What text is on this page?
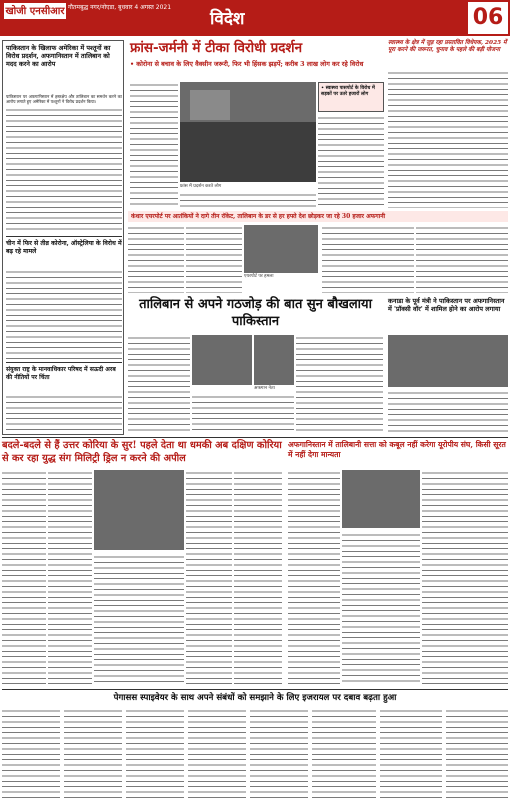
खोजी एनसीआर गौतमबुद्ध नगर/नोएडा, बुधवार 4 अगस्त 2021
विदेश	06
पाकिस्तान के खिलाफ अमेरिका में पश्तूनों का विरोध प्रदर्शन, अफगानिस्तान में तालिबान को मदद करने का आरोप
पाकिस्तान पर अफगानिस्तान में हस्तक्षेप और तालिबान का समर्थन करने का आरोप लगाते हुए अमेरिका में पश्तूनों ने विरोध प्रदर्शन किया।
चीन में फिर से तीव्र कोरोना, ऑस्ट्रेलिया के विरोध में बढ़ रहे मामले
संयुक्त राष्ट्र के मानवाधिकार परिषद में सऊदी अरब की नीतियों पर चिंता
फ्रांस-जर्मनी में टीका विरोधी प्रदर्शन
• कोरोना से बचाव के लिए वैक्सीन जरूरी, फिर भी हिंसक झड़पें; करीब 3 लाख लोग कर रहे विरोध
फ्रांस में प्रदर्शन करते लोग
• स्वास्थ्य पासपोर्ट के विरोध में सड़कों पर उतरे हजारों लोग
स्वास्थ्य के क्षेत्र में जुड़ रहा प्रस्तावित विधेयक, 2025 में पूरा करने की जरूरत, चुनाव के पहले की बड़ी योजना
कंधार एयरपोर्ट पर आतंकियों ने दागे तीन रॉकेट, तालिबान के डर से हर हफ्ते देश छोड़कर जा रहे 30 हजार अफगानी
एयरपोर्ट पर हमला
तालिबान से अपने गठजोड़ की बात सुन बौखलाया पाकिस्तान
अफगान नेता
कनाडा के पूर्व मंत्री ने पाकिस्तान पर अफगानिस्तान में 'प्रॉक्सी वॉर' में शामिल होने का आरोप लगाया
बदले-बदले से हैं उत्तर कोरिया के सुर! पहले देता था धमकी अब दक्षिण कोरिया से कर रहा युद्ध संग मिलिट्री ड्रिल न करने की अपील
अफगानिस्तान में तालिबानी सत्ता को कबूल नहीं करेगा यूरोपीय संघ, किसी सूरत में नहीं देगा मान्यता
पेगासस स्पाइवेयर के साथ अपने संबंधों को समझाने के लिए इजरायल पर दबाव बढ़ता हुआ
